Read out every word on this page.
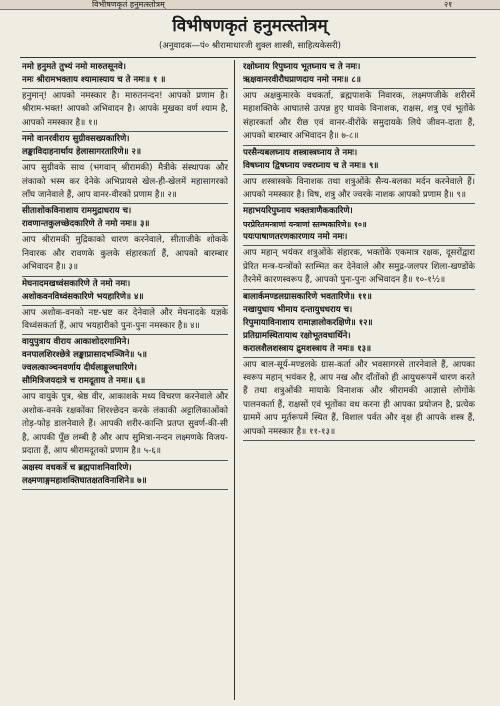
विभीषणकृतं हनुमत्स्तोत्रम्	२१
विभीषणकृतं हनुमत्स्तोत्रम्
(अनुवादक—पं० श्रीरामाधारजी शुक्ल शास्त्री, साहित्यकेसरी)
नमो हनुमते तुभ्यं नमो मारुतसूनवे।
नमः श्रीरामभक्ताय श्यामास्याय च ते नमः॥ १ ॥
हनुमान्! आपको नमस्कार है। मारुतनन्दन! आपको प्रणाम है। श्रीराम-भक्त! आपको अभिवादन है। आपके मुखका वर्ण श्याम है, आपको नमस्कार है॥ १॥
नमो वानरवीराय सुग्रीवसख्यकारिणे।
लङ्काविदाहनार्थाय हेलासागरतारिणे॥ २॥
आप सुग्रीवके साथ (भगवान् श्रीरामकी) मैत्रीके संस्थापक और लंकाको भस्म कर देनेके अभिप्रायसे खेल-ही-खेलमें महासागरको लाँघ जानेवाले हैं, आप वानर-वीरको प्रणाम है॥ २॥
सीताशोकविनाशाय राममुद्राधराय च।
रावणान्तकुलच्छेदकारिणे ते नमो नमः॥ ३॥
आप श्रीरामकी मुद्रिकाको धारण करनेवाले, सीताजीके शोकके निवारक और रावणके कुलके संहारकर्ता हैं, आपको बारम्बार अभिवादन है॥ ३॥
मेघनादमखध्वंसकारिणे ते नमो नमः।
अशोकवनविध्वंसकारिणे भयहारिणे॥ ४॥
आप अशोक-वनको नष्ट-भ्रष्ट कर देनेवाले और मेघनादके यज्ञके विध्वंसकर्ता हैं, आप भयहारीको पुनः-पुनः नमस्कार है॥ ४॥
वायुपुत्राय वीराय आकाशोदरगामिने।
वनपालशिरश्छेत्रे लङ्काप्रासादभञ्जिने॥ ५॥
ज्वलत्काञ्चनवर्णाय दीर्घलाङ्गूलधारिणे।
सौमित्रिजयदात्रे च रामदूताय ते नमः॥ ६॥
आप वायुके पुत्र, श्रेष्ठ वीर, आकाशके मध्य विचरण करनेवाले और अशोक-वनके रक्षकोंका शिरश्छेदन करके लंकाकी अट्टालिकाओंको तोड़-फोड़ डालनेवाले हैं। आपकी शरीर-कान्ति प्रतप्त सुवर्ण-की-सी है, आपकी पूँछ लम्बी है और आप सुमित्रा-नन्दन लक्ष्मणके विजय-प्रदाता हैं, आप श्रीरामदूतको प्रणाम है॥ ५-६॥
अक्षस्य वधकर्त्रे च ब्रह्मपाशनिवारिणे।
लक्ष्मणाङ्गमहाशक्तिघातक्षतविनाशिने॥ ७॥
रक्षोघ्नाय रिपुघ्नाय भूतघ्नाय च ते नमः।
ऋक्षवानरवीरौघप्राणदाय नमो नमः॥ ८॥
आप अक्षकुमारके वधकर्ता, ब्रह्मपाशके निवारक, लक्ष्मणजीके शरीरमें महाशक्तिके आघातसे उत्पन्न हुए घावके विनाशक, राक्षस, शत्रु एवं भूतोंके संहारकर्ता और रीछ एवं वानर-वीरोंके समुदायके लिये जीवन-दाता हैं, आपको बारम्बार अभिवादन है॥ ७-८॥
परसैन्यबलघ्नाय शस्त्रास्त्रघ्नाय ते नमः।
विषघ्नाय द्विषघ्नाय ज्वरघ्नाय च ते नमः॥ ९॥
आप शस्त्रास्त्रके विनाशक तथा शत्रुओंके सैन्य-बलका मर्दन करनेवाले हैं। आपको नमस्कार है। विष, शत्रु और ज्वरके नाशक आपको प्रणाम है॥ ९॥
महाभयरिपुघ्नाय भक्तत्राणैककारिणे।
परप्रेरितमन्त्राणां यन्त्राणां स्तम्भकारिणे॥ १०॥
पयःपाषाणतरणकारणाय नमो नमः।
आप महान् भयंकर शत्रुओंके संहारक, भक्तोंके एकमात्र रक्षक, दूसरोंद्वारा प्रेरित मन्त्र-यन्त्रोंको स्तम्भित कर देनेवाले और समुद्र-जलपर शिला-खण्डोंके तैरनेमें कारणस्वरूप हैं, आपको पुनः-पुनः अभिवादन है॥ १०-१½॥
बालार्कमण्डलग्रासकारिणे भवतारिणे॥ ११॥
नखायुधाय भीमाय दन्तायुधधराय च।
रिपुमायाविनाशाय रामाज्ञालोकरक्षिणे॥ १२॥
प्रतिग्रामस्थितायाथ रक्षोभूतवधार्थिने।
करालशैलशस्त्राय द्रुमशस्त्राय ते नमः॥ १३॥
आप बाल-सूर्य-मण्डलके ग्रास-कर्ता और भवसागरसे तारनेवाले हैं, आपका स्वरूप महान् भयंकर है, आप नख और दाँतोंको ही आयुधरूपमें धारण करते हैं तथा शत्रुओंकी मायाके विनाशक और श्रीरामकी आज्ञासे लोगोंके पालनकर्ता हैं, राक्षसों एवं भूतोंका वध करना ही आपका प्रयोजन है, प्रत्येक ग्राममें आप मूर्तरूपमें स्थित हैं, विशाल पर्वत और वृक्ष ही आपके शस्त्र हैं, आपको नमस्कार है॥ ११-१३॥
